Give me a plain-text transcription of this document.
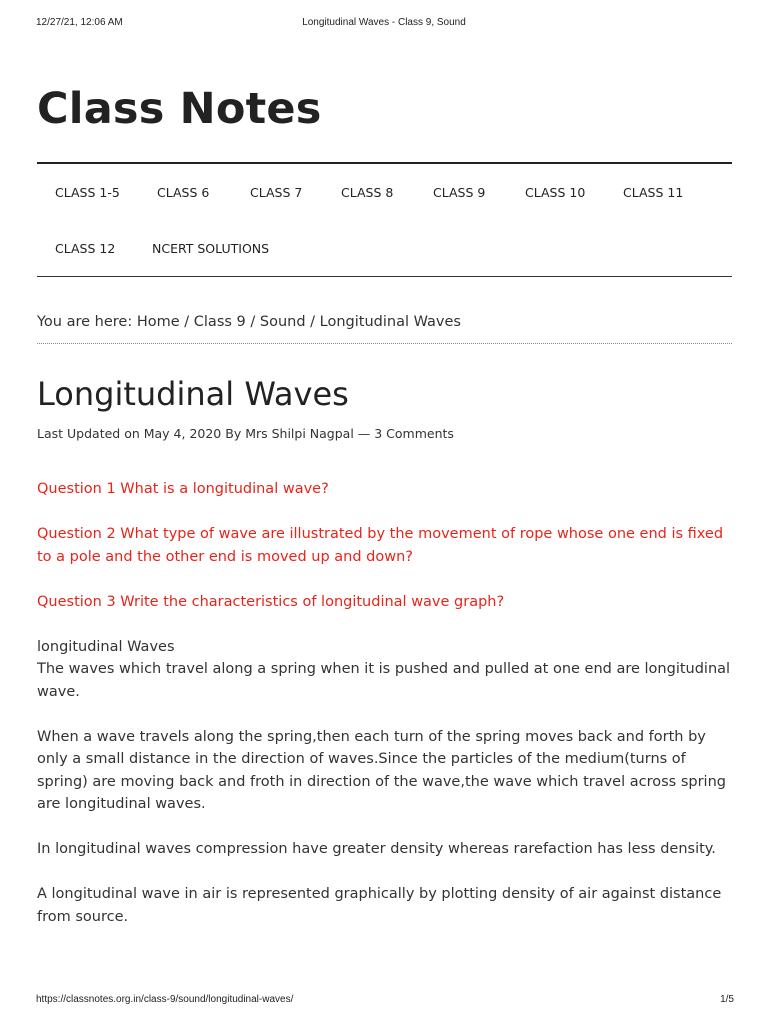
12/27/21, 12:06 AM	Longitudinal Waves - Class 9, Sound
Class Notes
CLASS 1-5	CLASS 6	CLASS 7	CLASS 8	CLASS 9	CLASS 10	CLASS 11
CLASS 12	NCERT SOLUTIONS
You are here: Home / Class 9 / Sound / Longitudinal Waves
Longitudinal Waves
Last Updated on May 4, 2020 By Mrs Shilpi Nagpal — 3 Comments

Question 1 What is a longitudinal wave?

Question 2 What type of wave are illustrated by the movement of rope whose one end is fixed to a pole and the other end is moved up and down?

Question 3 Write the characteristics of longitudinal wave graph?

longitudinal Waves
The waves which travel along a spring when it is pushed and pulled at one end are longitudinal wave.

When a wave travels along the spring,then each turn of the spring moves back and forth by only a small distance in the direction of waves.Since the particles of the medium(turns of spring) are moving back and froth in direction of the wave,the wave which travel across spring are longitudinal waves.

In longitudinal waves compression have greater density whereas rarefaction has less density.

A longitudinal wave in air is represented graphically by plotting density of air against distance from source.

https://classnotes.org.in/class-9/sound/longitudinal-waves/	1/5
